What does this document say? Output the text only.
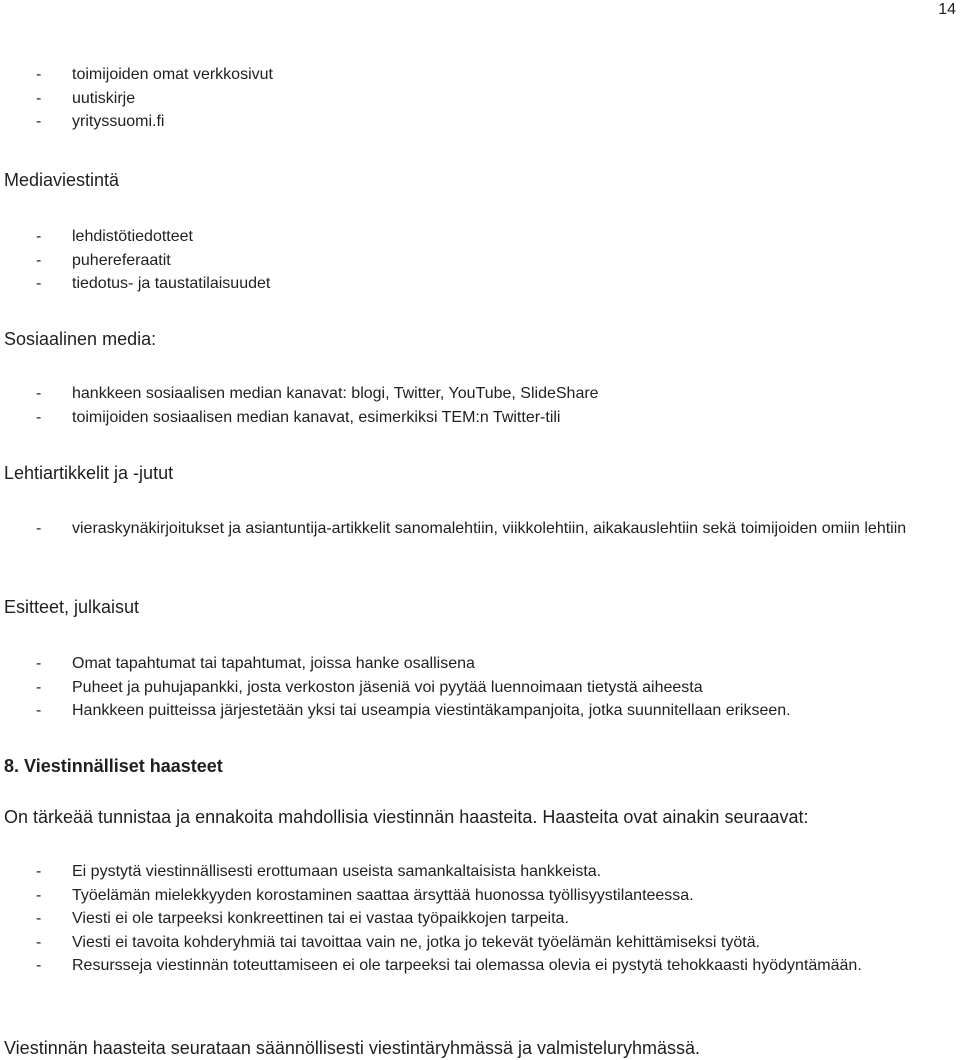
14
- toimijoiden omat verkkosivut
- uutiskirje
- yrityssuomi.fi

Mediaviestintä

- lehdistötiedotteet
- puhereferaatit
- tiedotus- ja taustatilaisuudet

Sosiaalinen media:

- hankkeen sosiaalisen median kanavat: blogi, Twitter, YouTube, SlideShare
- toimijoiden sosiaalisen median kanavat, esimerkiksi TEM:n Twitter-tili

Lehtiartikkelit ja -jutut

- vieraskynäkirjoitukset ja asiantuntija-artikkelit sanomalehtiin, viikkolehtiin, aikakauslehtiin sekä toimijoiden omiin lehtiin

Esitteet, julkaisut

- Omat tapahtumat tai tapahtumat, joissa hanke osallisena
- Puheet ja puhujapankki, josta verkoston jäseniä voi pyytää luennoimaan tietystä aiheesta
- Hankkeen puitteissa järjestetään yksi tai useampia viestintäkampanjoita, jotka suunnitellaan erikseen.

8. Viestinnälliset haasteet

On tärkeää tunnistaa ja ennakoita mahdollisia viestinnän haasteita. Haasteita ovat ainakin seuraavat:

- Ei pystytä viestinnällisesti erottumaan useista samankaltaisista hankkeista.
- Työelämän mielekkyyden korostaminen saattaa ärsyttää huonossa työllisyystilanteessa.
- Viesti ei ole tarpeeksi konkreettinen tai ei vastaa työpaikkojen tarpeita.
- Viesti ei tavoita kohderyhmiä tai tavoittaa vain ne, jotka jo tekevät työelämän kehittämiseksi työtä.
- Resursseja viestinnän toteuttamiseen ei ole tarpeeksi tai olemassa olevia ei pystytä tehokkaasti hyödyntämään.

Viestinnän haasteita seurataan säännöllisesti viestintäryhmässä ja valmisteluryhmässä.
